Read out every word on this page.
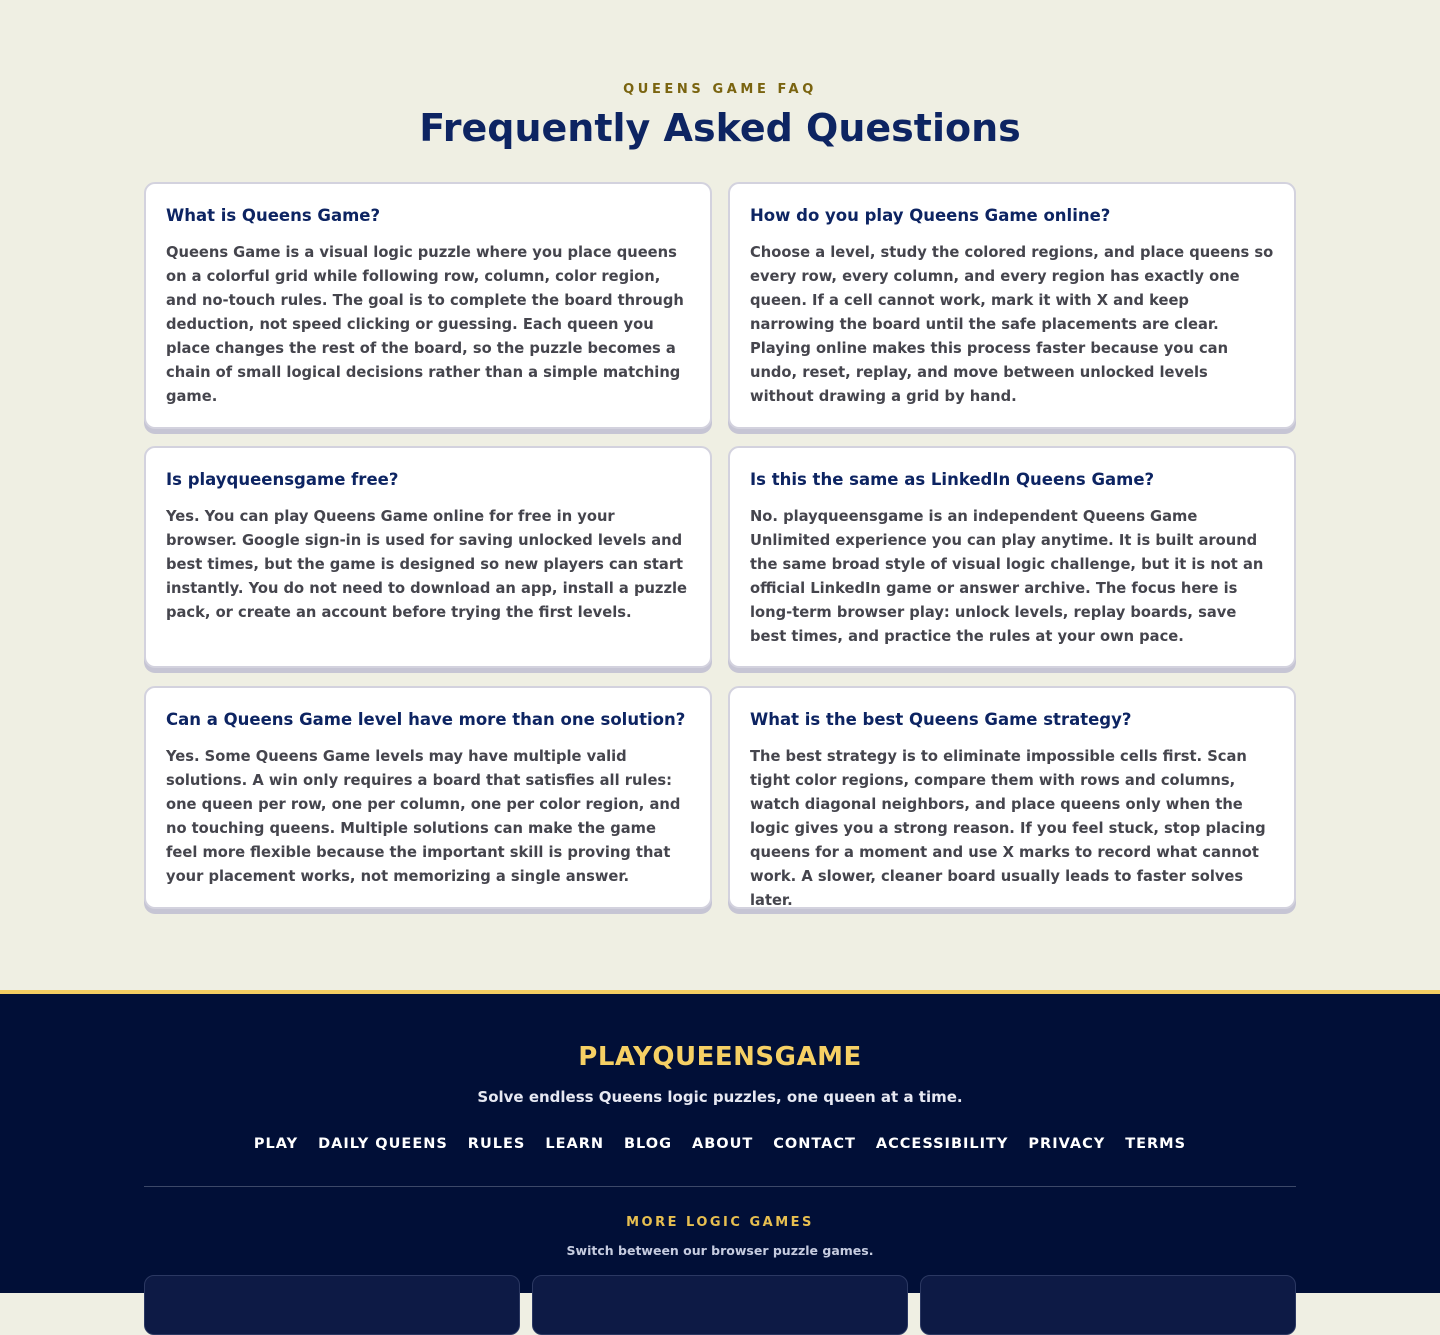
QUEENS GAME FAQ
Frequently Asked Questions
What is Queens Game?

Queens Game is a visual logic puzzle where you place queens on a colorful grid while following row, column, color region, and no-touch rules. The goal is to complete the board through deduction, not speed clicking or guessing. Each queen you place changes the rest of the board, so the puzzle becomes a chain of small logical decisions rather than a simple matching game.

How do you play Queens Game online?

Choose a level, study the colored regions, and place queens so every row, every column, and every region has exactly one queen. If a cell cannot work, mark it with X and keep narrowing the board until the safe placements are clear. Playing online makes this process faster because you can undo, reset, replay, and move between unlocked levels without drawing a grid by hand.

Is playqueensgame free?

Yes. You can play Queens Game online for free in your browser. Google sign-in is used for saving unlocked levels and best times, but the game is designed so new players can start instantly. You do not need to download an app, install a puzzle pack, or create an account before trying the first levels.

Is this the same as LinkedIn Queens Game?

No. playqueensgame is an independent Queens Game Unlimited experience you can play anytime. It is built around the same broad style of visual logic challenge, but it is not an official LinkedIn game or answer archive. The focus here is long-term browser play: unlock levels, replay boards, save best times, and practice the rules at your own pace.

Can a Queens Game level have more than one solution?

Yes. Some Queens Game levels may have multiple valid solutions. A win only requires a board that satisfies all rules: one queen per row, one per column, one per color region, and no touching queens. Multiple solutions can make the game feel more flexible because the important skill is proving that your placement works, not memorizing a single answer.

What is the best Queens Game strategy?

The best strategy is to eliminate impossible cells first. Scan tight color regions, compare them with rows and columns, watch diagonal neighbors, and place queens only when the logic gives you a strong reason. If you feel stuck, stop placing queens for a moment and use X marks to record what cannot work. A slower, cleaner board usually leads to faster solves later.

PLAYQUEENSGAME
Solve endless Queens logic puzzles, one queen at a time.
PLAY DAILY QUEENS RULES LEARN BLOG ABOUT CONTACT ACCESSIBILITY PRIVACY TERMS
MORE LOGIC GAMES
Switch between our browser puzzle games.
